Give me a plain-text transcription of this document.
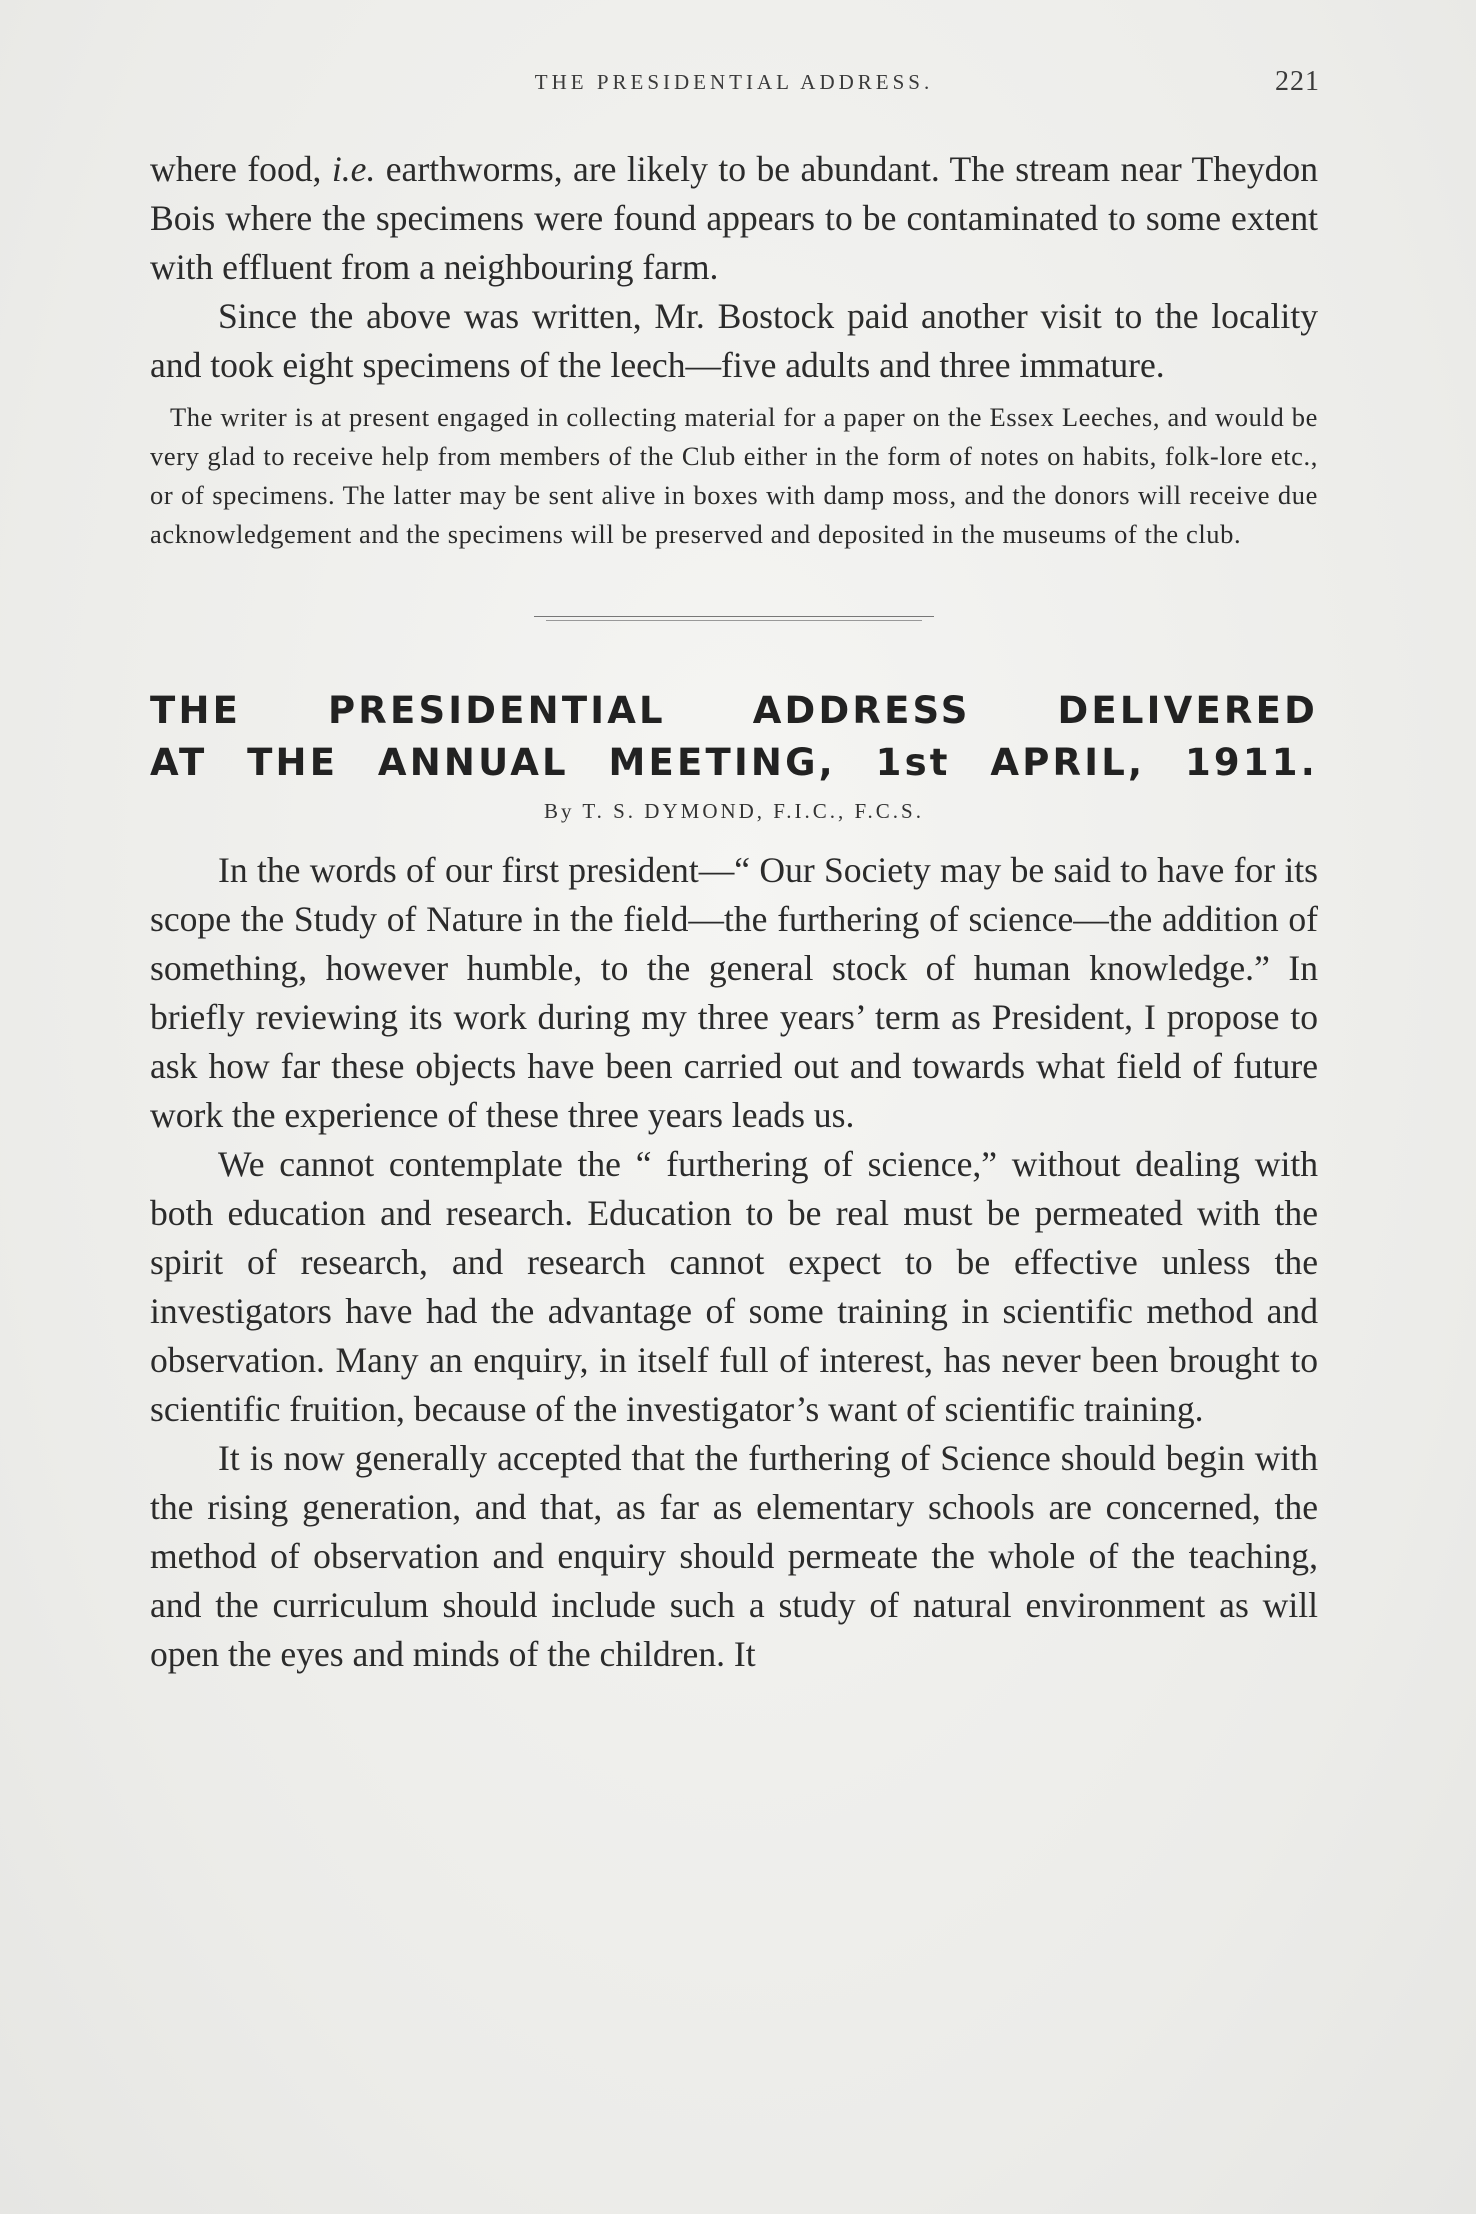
THE PRESIDENTIAL ADDRESS.	221

where food, i.e. earthworms, are likely to be abundant. The stream near Theydon Bois where the specimens were found appears to be contaminated to some extent with effluent from a neighbouring farm.

Since the above was written, Mr. Bostock paid another visit to the locality and took eight specimens of the leech—five adults and three immature.

The writer is at present engaged in collecting material for a paper on the Essex Leeches, and would be very glad to receive help from members of the Club either in the form of notes on habits, folk-lore etc., or of specimens. The latter may be sent alive in boxes with damp moss, and the donors will receive due acknowledgement and the specimens will be preserved and deposited in the museums of the club.

THE PRESIDENTIAL ADDRESS DELIVERED
AT THE ANNUAL MEETING, 1st APRIL, 1911.
By T. S. DYMOND, F.I.C., F.C.S.

In the words of our first president—“ Our Society may be said to have for its scope the Study of Nature in the field—the furthering of science—the addition of something, however humble, to the general stock of human knowledge.” In briefly reviewing its work during my three years’ term as President, I propose to ask how far these objects have been carried out and towards what field of future work the experience of these three years leads us.

We cannot contemplate the “ furthering of science,” without dealing with both education and research. Education to be real must be permeated with the spirit of research, and research cannot expect to be effective unless the investigators have had the advantage of some training in scientific method and observation. Many an enquiry, in itself full of interest, has never been brought to scientific fruition, because of the investigator’s want of scientific training.

It is now generally accepted that the furthering of Science should begin with the rising generation, and that, as far as elementary schools are concerned, the method of observation and enquiry should permeate the whole of the teaching, and the curriculum should include such a study of natural environment as will open the eyes and minds of the children. It
